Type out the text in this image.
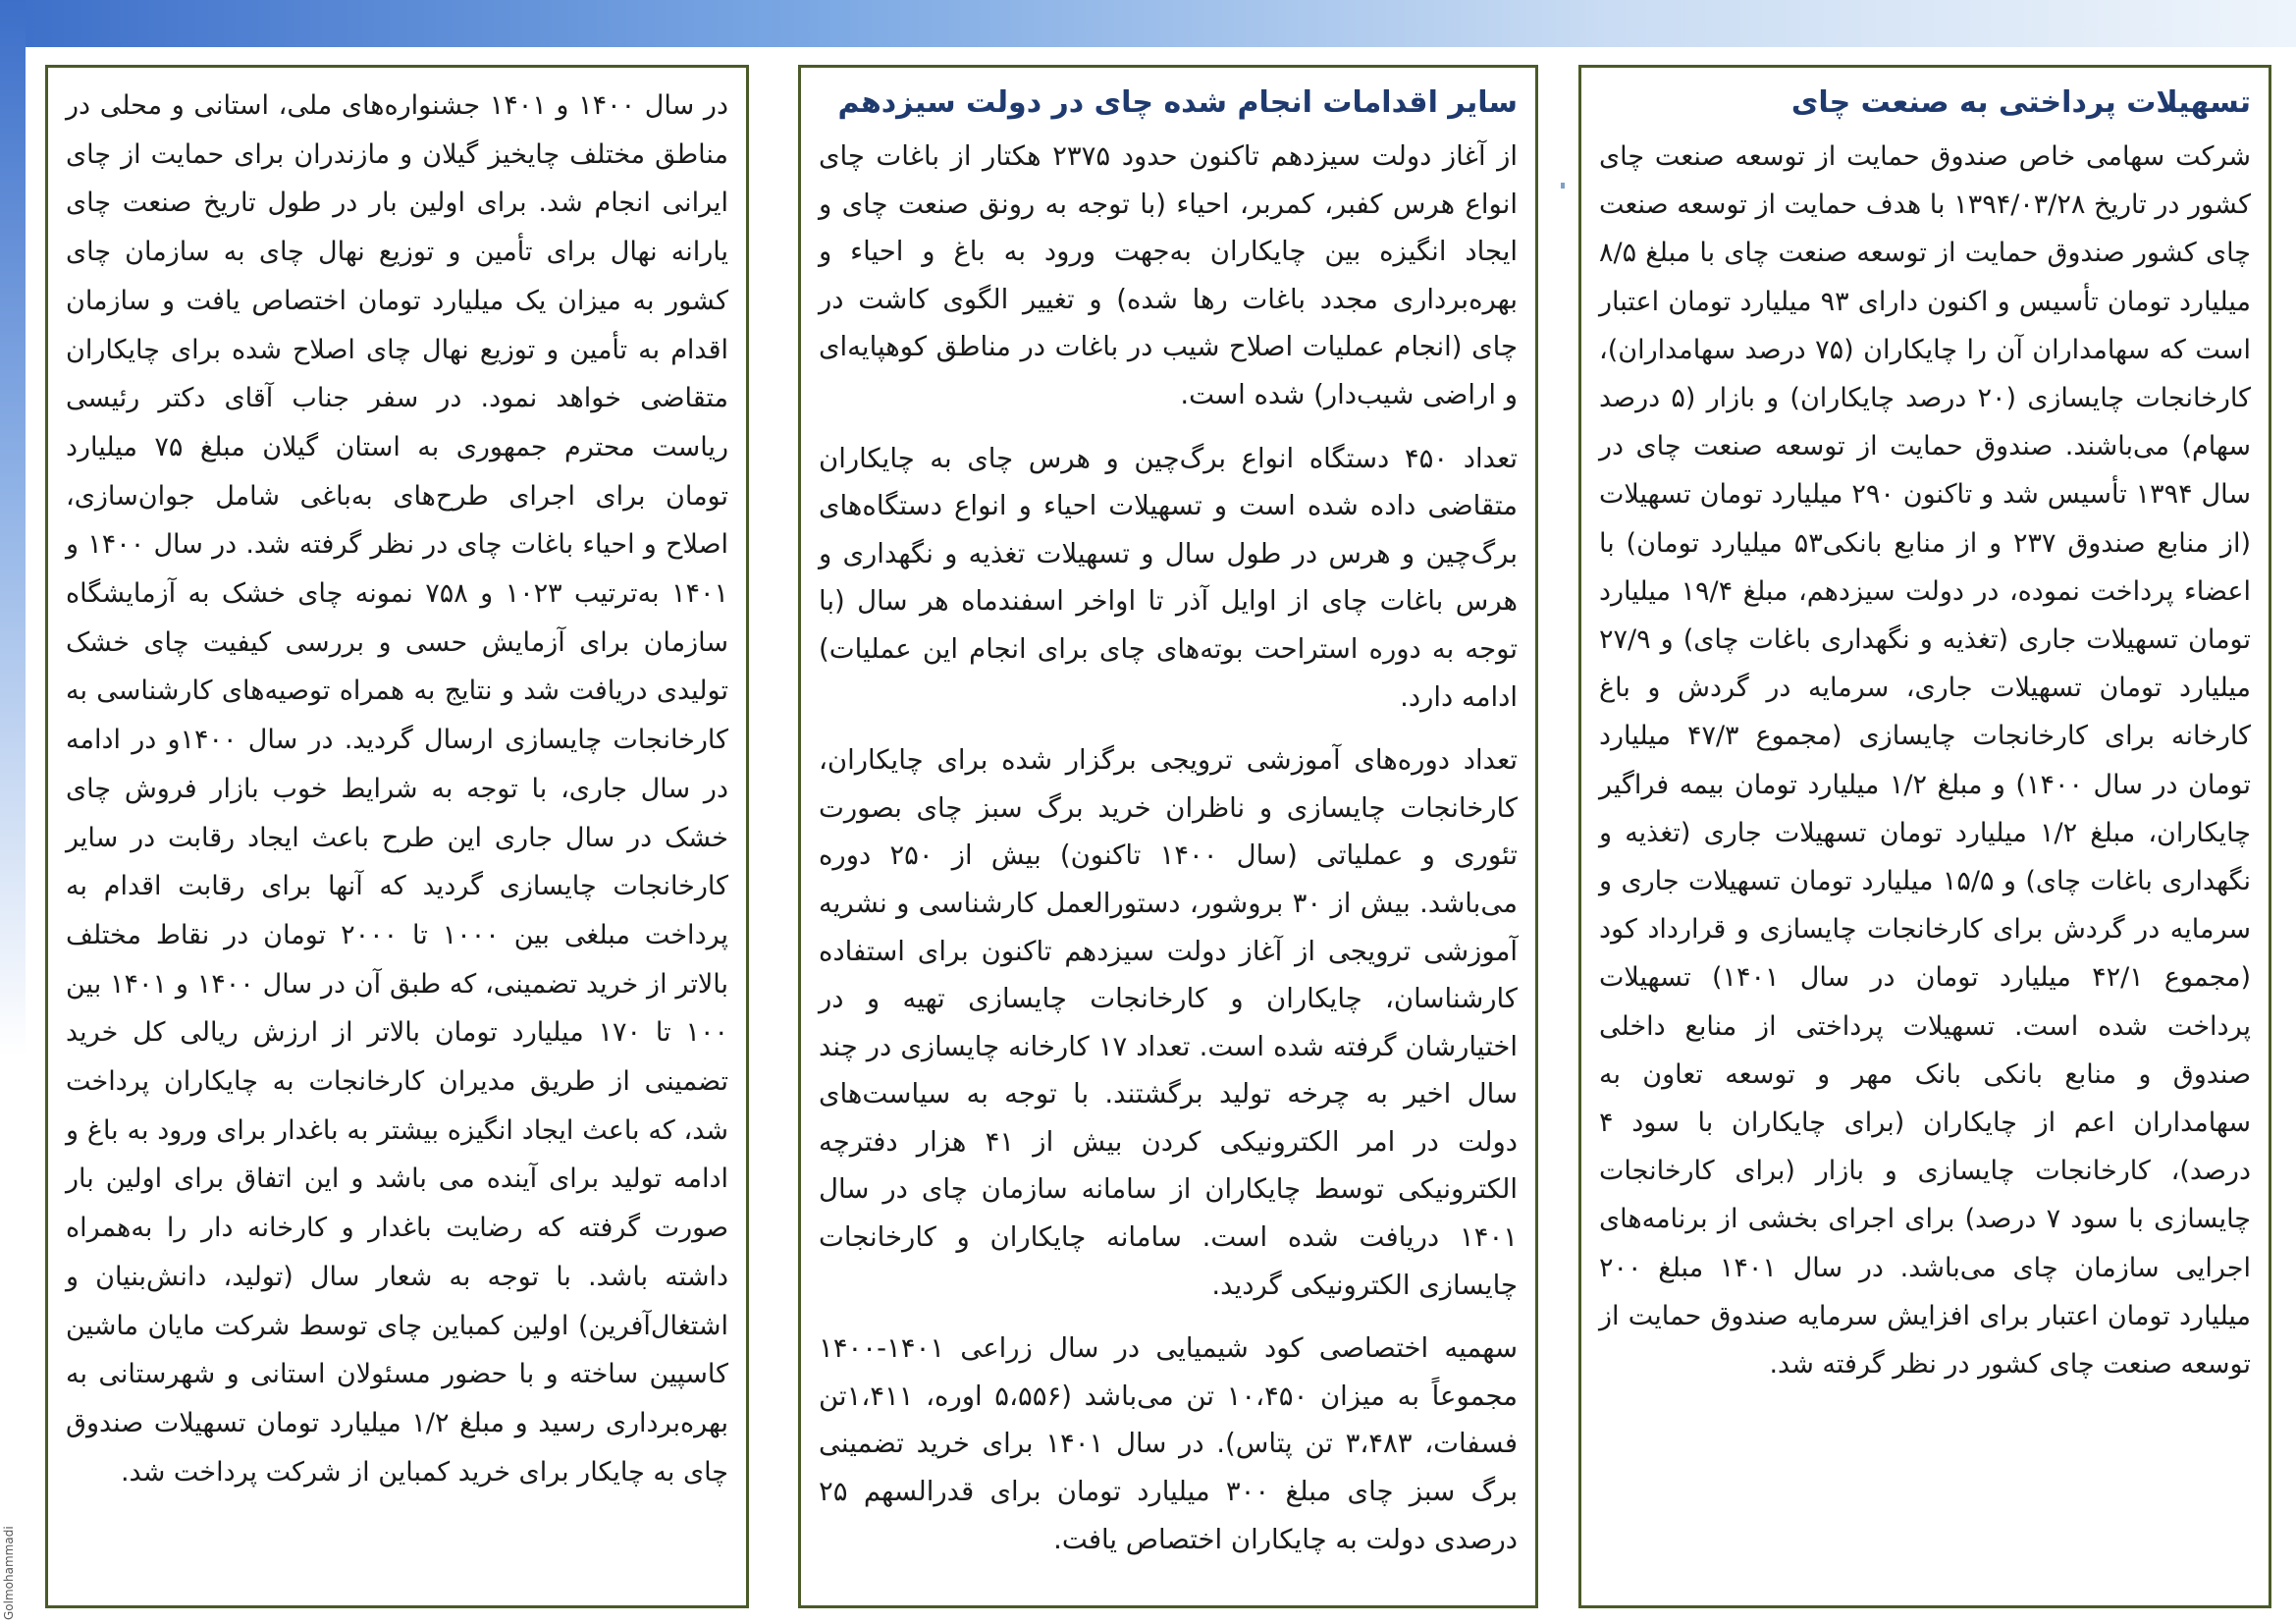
تسهیلات پرداختی به صنعت چای

شرکت سهامی خاص صندوق حمایت از توسعه صنعت چای کشور در تاریخ ۱۳۹۴/۰۳/۲۸ با هدف حمایت از توسعه صنعت چای کشور صندوق حمایت از توسعه صنعت چای با مبلغ ۸/۵ میلیارد تومان تأسیس و اکنون دارای ۹۳ میلیارد تومان اعتبار است که سهامداران آن را چایکاران (۷۵ درصد سهامداران)، کارخانجات چایسازی (۲۰ درصد چایکاران) و بازار (۵ درصد سهام) می‌باشند. صندوق حمایت از توسعه صنعت چای در سال ۱۳۹۴ تأسیس شد و تاکنون ۲۹۰ میلیارد تومان تسهیلات (از منابع صندوق ۲۳۷ و از منابع بانکی۵۳ میلیارد تومان) با اعضاء پرداخت نموده، در دولت سیزدهم، مبلغ ۱۹/۴ میلیارد تومان تسهیلات جاری (تغذیه و نگهداری باغات چای) و ۲۷/۹ میلیارد تومان تسهیلات جاری، سرمایه در گردش و باغ کارخانه برای کارخانجات چایسازی (مجموع ۴۷/۳ میلیارد تومان در سال ۱۴۰۰) و مبلغ ۱/۲ میلیارد تومان بیمه فراگیر چایکاران، مبلغ ۱/۲ میلیارد تومان تسهیلات جاری (تغذیه و نگهداری باغات چای) و ۱۵/۵ میلیارد تومان تسهیلات جاری و سرمایه در گردش برای کارخانجات چایسازی و قرارداد کود (مجموع ۴۲/۱ میلیارد تومان در سال ۱۴۰۱) تسهیلات پرداخت شده است. تسهیلات پرداختی از منابع داخلی صندوق و منابع بانکی بانک مهر و توسعه تعاون به سهامداران اعم از چایکاران (برای چایکاران با سود ۴ درصد)، کارخانجات چایسازی و بازار (برای کارخانجات چایسازی با سود ۷ درصد) برای اجرای بخشی از برنامه‌های اجرایی سازمان چای می‌باشد. در سال ۱۴۰۱ مبلغ ۲۰۰ میلیارد تومان اعتبار برای افزایش سرمایه صندوق حمایت از توسعه صنعت چای کشور در نظر گرفته شد.

سایر اقدامات انجام شده چای در دولت سیزدهم

از آغاز دولت سیزدهم تاکنون حدود ۲۳۷۵ هکتار از باغات چای انواع هرس کفبر، کمربر، احیاء (با توجه به رونق صنعت چای و ایجاد انگیزه بین چایکاران به‌جهت ورود به باغ و احیاء و بهره‌برداری مجدد باغات رها شده) و تغییر الگوی کاشت در چای (انجام عملیات اصلاح شیب در باغات در مناطق کوهپایه‌ای و اراضی شیب‌دار) شده است.

تعداد ۴۵۰ دستگاه انواع برگ‌چین و هرس چای به چایکاران متقاضی داده شده است و تسهیلات احیاء و انواع دستگاه‌های برگ‌چین و هرس در طول سال و تسهیلات تغذیه و نگهداری و هرس باغات چای از اوایل آذر تا اواخر اسفندماه هر سال (با توجه به دوره استراحت بوته‌های چای برای انجام این عملیات) ادامه دارد.

تعداد دوره‌های آموزشی ترویجی برگزار شده برای چایکاران، کارخانجات چایسازی و ناظران خرید برگ سبز چای بصورت تئوری و عملیاتی (سال ۱۴۰۰ تاکنون) بیش از ۲۵۰ دوره می‌باشد. بیش از ۳۰ بروشور، دستورالعمل کارشناسی و نشریه آموزشی ترویجی از آغاز دولت سیزدهم تاکنون برای استفاده کارشناسان، چایکاران و کارخانجات چایسازی تهیه و در اختیارشان گرفته شده است. تعداد ۱۷ کارخانه چایسازی در چند سال اخیر به چرخه تولید برگشتند. با توجه به سیاست‌های دولت در امر الکترونیکی کردن بیش از ۴۱ هزار دفترچه الکترونیکی توسط چایکاران از سامانه سازمان چای در سال ۱۴۰۱ دریافت شده است. سامانه چایکاران و کارخانجات چایسازی الکترونیکی گردید.

سهمیه اختصاصی کود شیمیایی در سال زراعی ۱۴۰۱-۱۴۰۰ مجموعاً به میزان ۱۰،۴۵۰ تن می‌باشد (۵،۵۵۶ اوره، ۱،۴۱۱تن فسفات، ۳،۴۸۳ تن پتاس). در سال ۱۴۰۱ برای خرید تضمینی برگ سبز چای مبلغ ۳۰۰ میلیارد تومان برای قدرالسهم ۲۵ درصدی دولت به چایکاران اختصاص یافت.

در سال ۱۴۰۰ و ۱۴۰۱ جشنواره‌های ملی، استانی و محلی در مناطق مختلف چایخیز گیلان و مازندران برای حمایت از چای ایرانی انجام شد. برای اولین بار در طول تاریخ صنعت چای یارانه نهال برای تأمین و توزیع نهال چای به سازمان چای کشور به میزان یک میلیارد تومان اختصاص یافت و سازمان اقدام به تأمین و توزیع نهال چای اصلاح شده برای چایکاران متقاضی خواهد نمود. در سفر جناب آقای دکتر رئیسی ریاست محترم جمهوری به استان گیلان مبلغ ۷۵ میلیارد تومان برای اجرای طرح‌های به‌باغی شامل جوان‌سازی، اصلاح و احیاء باغات چای در نظر گرفته شد. در سال ۱۴۰۰ و ۱۴۰۱ به‌ترتیب ۱۰۲۳ و ۷۵۸ نمونه چای خشک به آزمایشگاه سازمان برای آزمایش حسی و بررسی کیفیت چای خشک تولیدی دریافت شد و نتایج به همراه توصیه‌های کارشناسی به کارخانجات چایسازی ارسال گردید. در سال ۱۴۰۰و در ادامه در سال جاری، با توجه به شرایط خوب بازار فروش چای خشک در سال جاری این طرح باعث ایجاد رقابت در سایر کارخانجات چایسازی گردید که آنها برای رقابت اقدام به پرداخت مبلغی بین ۱۰۰۰ تا ۲۰۰۰ تومان در نقاط مختلف بالاتر از خرید تضمینی، که طبق آن در سال ۱۴۰۰ و ۱۴۰۱ بین ۱۰۰ تا ۱۷۰ میلیارد تومان بالاتر از ارزش ریالی کل خرید تضمینی از طریق مدیران کارخانجات به چایکاران پرداخت شد، که باعث ایجاد انگیزه بیشتر به باغدار برای ورود به باغ و ادامه تولید برای آینده می باشد و این اتفاق برای اولین بار صورت گرفته که رضایت باغدار و کارخانه دار را به‌همراه داشته باشد. با توجه به شعار سال (تولید، دانش‌بنیان و اشتغال‌آفرین) اولین کمباین چای توسط شرکت مایان ماشین کاسپین ساخته و با حضور مسئولان استانی و شهرستانی به بهره‌برداری رسید و مبلغ ۱/۲ میلیارد تومان تسهیلات صندوق چای به چایکار برای خرید کمباین از شرکت پرداخت شد.

Golmohammadi
